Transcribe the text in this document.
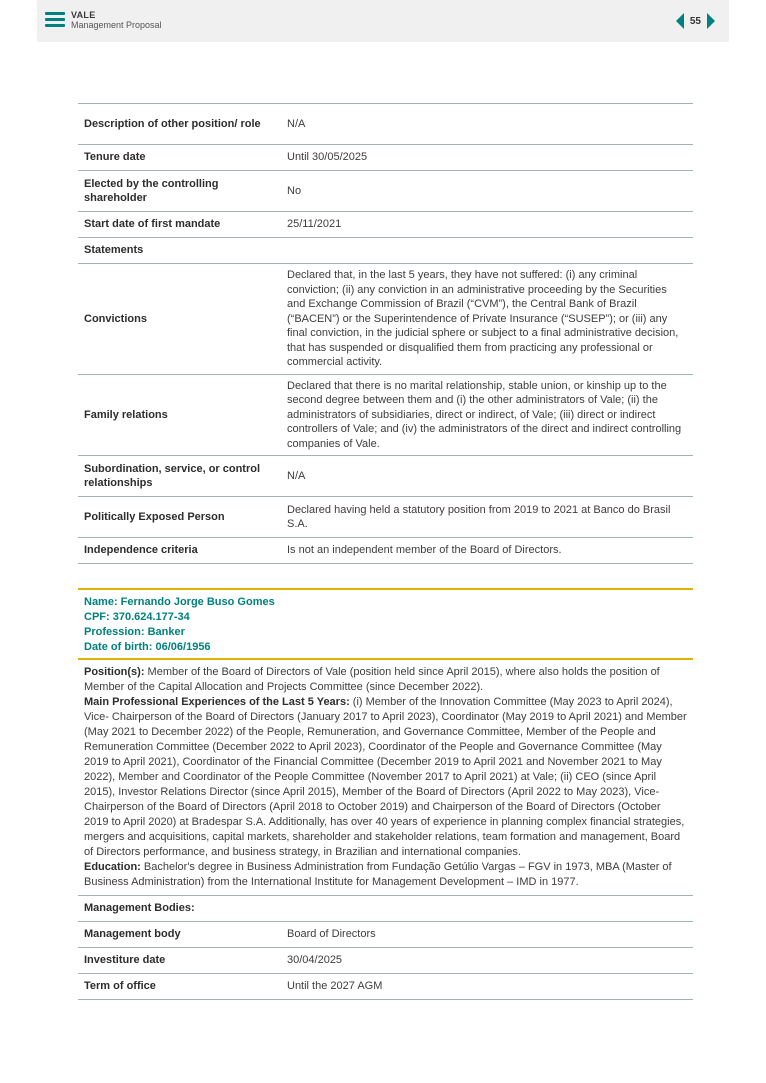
VALE
Management Proposal	55
Description of other position/ role	N/A
Tenure date	Until 30/05/2025
Elected by the controlling shareholder	No
Start date of first mandate	25/11/2021
Statements	
Convictions	Declared that, in the last 5 years, they have not suffered: (i) any criminal conviction; (ii) any conviction in an administrative proceeding by the Securities and Exchange Commission of Brazil (“CVM”), the Central Bank of Brazil (“BACEN”) or the Superintendence of Private Insurance (“SUSEP”); or (iii) any final conviction, in the judicial sphere or subject to a final administrative decision, that has suspended or disqualified them from practicing any professional or commercial activity.
Family relations	Declared that there is no marital relationship, stable union, or kinship up to the second degree between them and (i) the other administrators of Vale; (ii) the administrators of subsidiaries, direct or indirect, of Vale; (iii) direct or indirect controllers of Vale; and (iv) the administrators of the direct and indirect controlling companies of Vale.
Subordination, service, or control relationships	N/A
Politically Exposed Person	Declared having held a statutory position from 2019 to 2021 at Banco do Brasil S.A.
Independence criteria	Is not an independent member of the Board of Directors.
Name: Fernando Jorge Buso Gomes
CPF: 370.624.177-34
Profession: Banker
Date of birth: 06/06/1956

Position(s): Member of the Board of Directors of Vale (position held since April 2015), where also holds the position of Member of the Capital Allocation and Projects Committee (since December 2022).

Main Professional Experiences of the Last 5 Years: (i) Member of the Innovation Committee (May 2023 to April 2024), Vice- Chairperson of the Board of Directors (January 2017 to April 2023), Coordinator (May 2019 to April 2021) and Member (May 2021 to December 2022) of the People, Remuneration, and Governance Committee, Member of the People and Remuneration Committee (December 2022 to April 2023), Coordinator of the People and Governance Committee (May 2019 to April 2021), Coordinator of the Financial Committee (December 2019 to April 2021 and November 2021 to May 2022), Member and Coordinator of the People Committee (November 2017 to April 2021) at Vale; (ii) CEO (since April 2015), Investor Relations Director (since April 2015), Member of the Board of Directors (April 2022 to May 2023), Vice-Chairperson of the Board of Directors (April 2018 to October 2019) and Chairperson of the Board of Directors (October 2019 to April 2020) at Bradespar S.A. Additionally, has over 40 years of experience in planning complex financial strategies, mergers and acquisitions, capital markets, shareholder and stakeholder relations, team formation and management, Board of Directors performance, and business strategy, in Brazilian and international companies.

Education: Bachelor's degree in Business Administration from Fundação Getúlio Vargas – FGV in 1973, MBA (Master of Business Administration) from the International Institute for Management Development – IMD in 1977.

Management Bodies:	
Management body	Board of Directors
Investiture date	30/04/2025
Term of office	Until the 2027 AGM
